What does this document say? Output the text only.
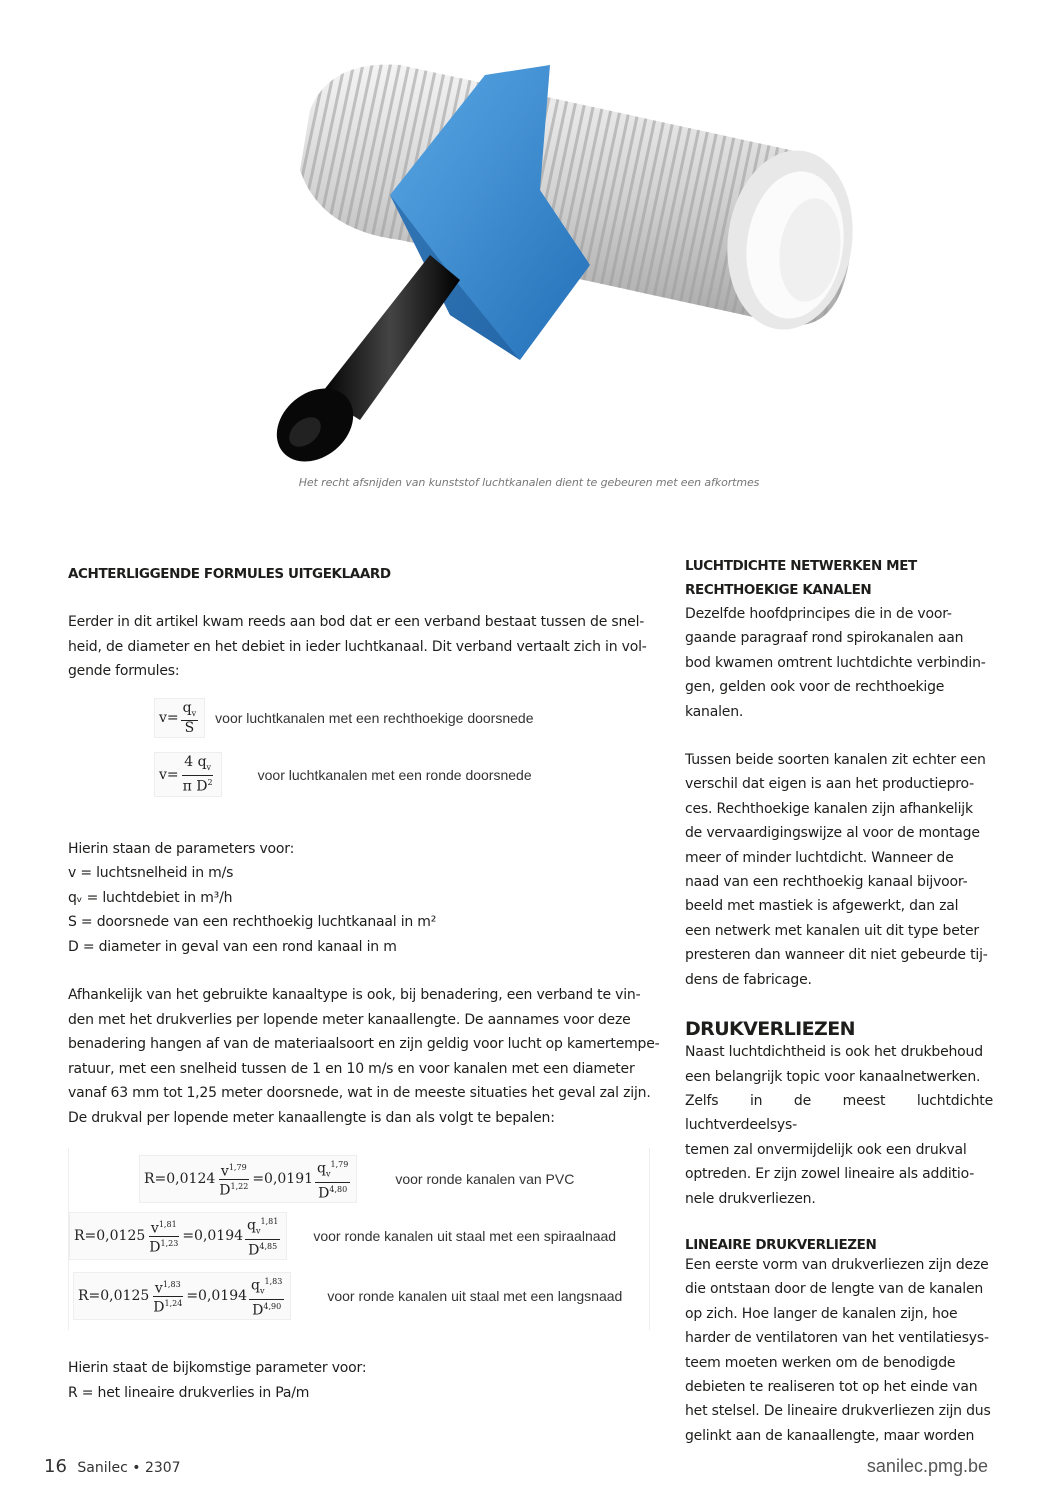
Het recht afsnijden van kunststof luchtkanalen dient te gebeuren met een afkortmes
ACHTERLIGGENDE FORMULES UITGEKLAARD
Eerder in dit artikel kwam reeds aan bod dat er een verband bestaat tussen de snel-
heid, de diameter en het debiet in ieder luchtkanaal. Dit verband vertaalt zich in vol-
gende formules:
$v = \frac{q_v}{S}$ voor luchtkanalen met een rechthoekige doorsnede
$v = \frac{4 q_v}{\pi D^2}$	voor luchtkanalen met een ronde doorsnede
Hierin staan de parameters voor:
v = luchtsnelheid in m/s
qᵥ = luchtdebiet in m³/h
S = doorsnede van een rechthoekig luchtkanaal in m²
D = diameter in geval van een rond kanaal in m
Afhankelijk van het gebruikte kanaaltype is ook, bij benadering, een verband te vin-
den met het drukverlies per lopende meter kanaallengte. De aannames voor deze
benadering hangen af van de materiaalsoort en zijn geldig voor lucht op kamertempe-
ratuur, met een snelheid tussen de 1 en 10 m/s en voor kanalen met een diameter
vanaf 63 mm tot 1,25 meter doorsnede, wat in de meeste situaties het geval zal zijn.
De drukval per lopende meter kanaallengte is dan als volgt te bepalen:
$R=0,0124 \frac{v^{1,79}}{D^{1,22}} =0,0191 \frac{q_v^{1,79}}{D^{4,80}}$	voor ronde kanalen van PVC
$R=0,0125 \frac{v^{1,81}}{D^{1,23}} =0,0194 \frac{q_v^{1,81}}{D^{4,85}}$ voor ronde kanalen uit staal met een spiraalnaad
$R=0,0125 \frac{v^{1,83}}{D^{1,24}} =0,0194 \frac{q_v^{1,83}}{D^{4,90}}$	voor ronde kanalen uit staal met een langsnaad
Hierin staat de bijkomstige parameter voor:
R = het lineaire drukverlies in Pa/m
LUCHTDICHTE NETWERKEN MET
RECHTHOEKIGE KANALEN
Dezelfde hoofdprincipes die in de voor-
gaande paragraaf rond spirokanalen aan
bod kwamen omtrent luchtdichte verbindin-
gen, gelden ook voor de rechthoekige
kanalen.
Tussen beide soorten kanalen zit echter een
verschil dat eigen is aan het productiepro-
ces. Rechthoekige kanalen zijn afhankelijk
de vervaardigingswijze al voor de montage
meer of minder luchtdicht. Wanneer de
naad van een rechthoekig kanaal bijvoor-
beeld met mastiek is afgewerkt, dan zal
een netwerk met kanalen uit dit type beter
presteren dan wanneer dit niet gebeurde tij-
dens de fabricage.
DRUKVERLIEZEN
Naast luchtdichtheid is ook het drukbehoud
een belangrijk topic voor kanaalnetwerken.
Zelfs in de meest luchtdichte luchtverdeelsys-
temen zal onvermijdelijk ook een drukval
optreden. Er zijn zowel lineaire als additio-
nele drukverliezen.
LINEAIRE DRUKVERLIEZEN
Een eerste vorm van drukverliezen zijn deze
die ontstaan door de lengte van de kanalen
op zich. Hoe langer de kanalen zijn, hoe
harder de ventilatoren van het ventilatiesys-
teem moeten werken om de benodigde
debieten te realiseren tot op het einde van
het stelsel. De lineaire drukverliezen zijn dus
gelinkt aan de kanaallengte, maar worden
16 Sanilec • 2307	sanilec.pmg.be
